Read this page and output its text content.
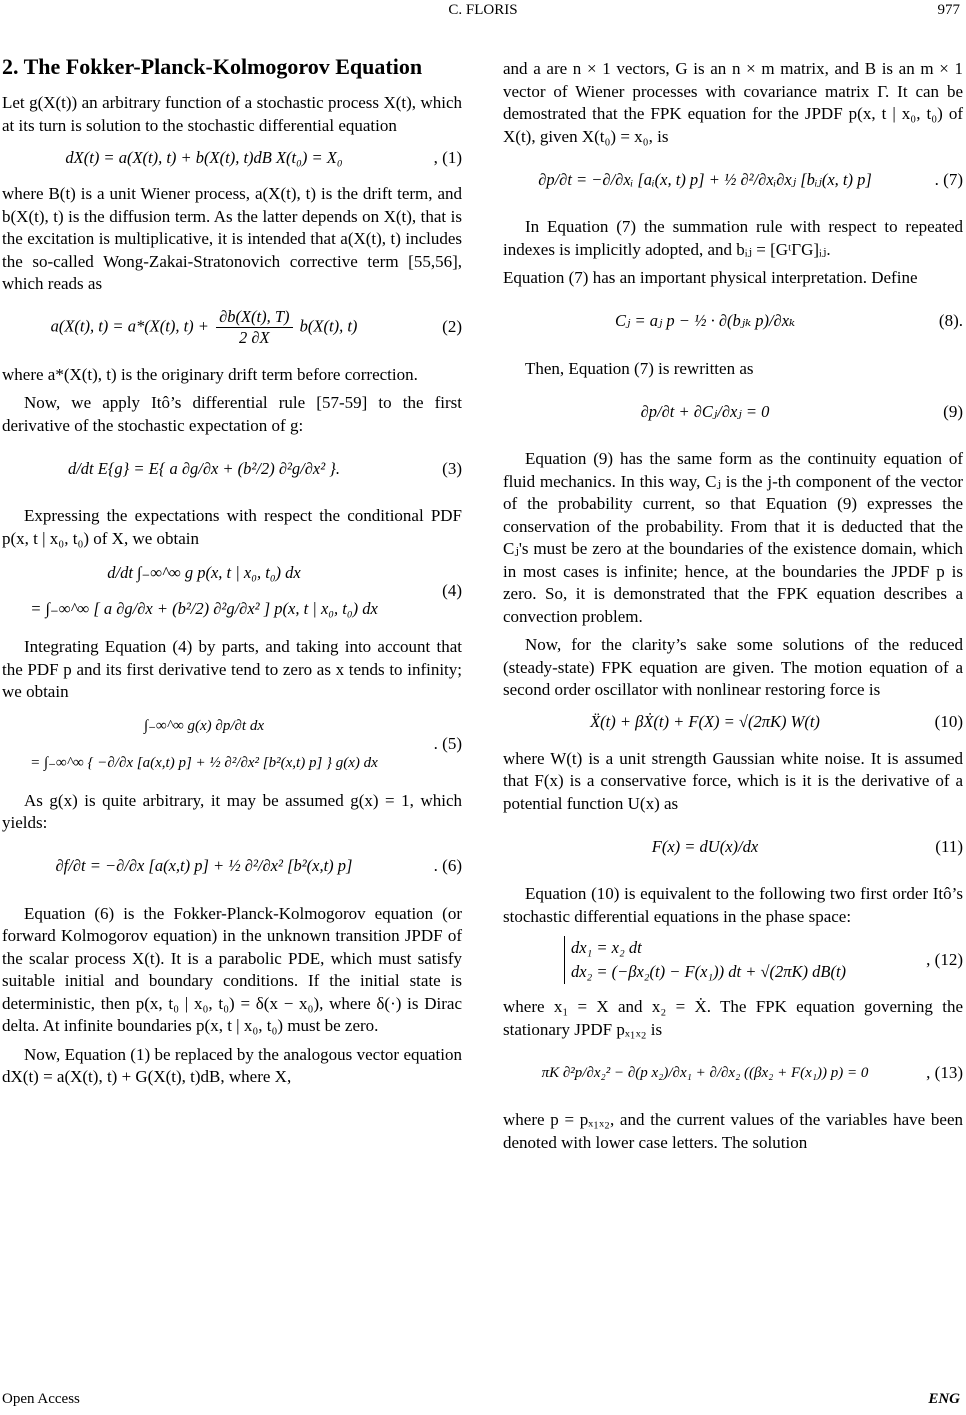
C. FLORIS	977
2. The Fokker-Planck-Kolmogorov Equation

Let g(X(t)) an arbitrary function of a stochastic process X(t), which at its turn is solution to the stochastic differential equation

dX(t) = a(X(t), t) + b(X(t), t)dB X(t₀) = X₀	, (1)

where B(t) is a unit Wiener process, a(X(t), t) is the drift term, and b(X(t), t) is the diffusion term. As the latter depends on X(t), that is the excitation is multiplicative, it is intended that a(X(t), t) includes the so-called Wong-Zakai-Stratonovich corrective term [55,56], which reads as

a(X(t), t) = a*(X(t), $t) + \frac{\partial b(X(t), T)}{2 \partial X} b(X(t)$, t)	(2)

where a*(X(t), t) is the originary drift term before correction.

Now, we apply Itô’s differential rule [57-59] to the first derivative of the stochastic expectation of g:

d/dt E{g} = E{ a ∂g/∂x + (b²/2) ∂²g/∂x² }.	(3)

Expressing the expectations with respect the conditional PDF p(x, t | x₀, t₀) of X, we obtain

d/dt ∫₋∞^∞ g p(x, t | x₀, t₀) dx
= ∫₋∞^∞ [ a ∂g/∂x + (b²/2) ∂²g/∂x² ] p(x, t | x₀, t₀) dx
(4)

Integrating Equation (4) by parts, and taking into account that the PDF p and its first derivative tend to zero as x tends to infinity; we obtain

∫₋∞^∞ g(x) ∂p/∂t dx
= ∫₋∞^∞ { −∂/∂x [a(x,t) p] + ½ ∂²/∂x² [b²(x,t) p] } g(x) dx
. (5)

As g(x) is quite arbitrary, it may be assumed g(x) = 1, which yields:

∂f/∂t = −∂/∂x [a(x,t) p] + ½ ∂²/∂x² [b²(x,t) p]	. (6)

Equation (6) is the Fokker-Planck-Kolmogorov equation (or forward Kolmogorov equation) in the unknown transition JPDF of the scalar process X(t). It is a parabolic PDE, which must satisfy suitable initial and boundary conditions. If the initial state is deterministic, then p(x, t₀ | x₀, t₀) = δ(x − x₀), where δ(·) is Dirac delta. At infinite boundaries p(x, t | x₀, t₀) must be zero.

Now, Equation (1) be replaced by the analogous vector equation dX(t) = a(X(t), t) + G(X(t), t)dB, where X,

and a are n × 1 vectors, G is an n × m matrix, and B is an m × 1 vector of Wiener processes with covariance matrix Γ. It can be demostrated that the FPK equation for the JPDF p(x, t | x₀, t₀) of X(t), given X(t₀) = x₀, is

∂p/∂t = −∂/∂xᵢ [aᵢ(x, t) p] + ½ ∂²/∂xᵢ∂xⱼ [bᵢⱼ(x, t) p]	. (7)

In Equation (7) the summation rule with respect to repeated indexes is implicitly adopted, and bᵢⱼ = [GᵗΓG]ᵢⱼ.

Equation (7) has an important physical interpretation. Define

Cⱼ = aⱼ p − ½ · ∂(bⱼₖ p)/∂xₖ	(8).

Then, Equation (7) is rewritten as

∂p/∂t + ∂Cⱼ/∂xⱼ = 0	(9)

Equation (9) has the same form as the continuity equation of fluid mechanics. In this way, Cⱼ is the j-th component of the vector of the probability current, so that Equation (9) expresses the conservation of the probability. From that it is deducted that the Cⱼ's must be zero at the boundaries of the existence domain, which in most cases is infinite; hence, at the boundaries the JPDF p is zero. So, it is demonstrated that the FPK equation describes a convection problem.

Now, for the clarity’s sake some solutions of the reduced (steady-state) FPK equation are given. The motion equation of a second order oscillator with nonlinear restoring force is

Ẍ(t) + βẊ(t) + F(X) = √(2πK) W(t)	(10)

where W(t) is a unit strength Gaussian white noise. It is assumed that F(x) is a conservative force, which is it is the derivative of a potential function U(x) as

F(x) = dU(x)/dx	(11)

Equation (10) is equivalent to the following two first order Itô’s stochastic differential equations in the phase space:

dx₁ = x₂ dt
dx₂ = (−βx₂(t) − F(x₁)) dt + √(2πK) dB(t)
, (12)

where x₁ = X and x₂ = Ẋ. The FPK equation governing the stationary JPDF pₓ₁ₓ₂ is

πK ∂²p/∂x₂² − ∂(p x₂)/∂x₁ + ∂/∂x₂ ((βx₂ + F(x₁)) p) = 0	, (13)

where p = pₓ₁ₓ₂, and the current values of the variables have been denoted with lower case letters. The solution

Open Access	ENG
